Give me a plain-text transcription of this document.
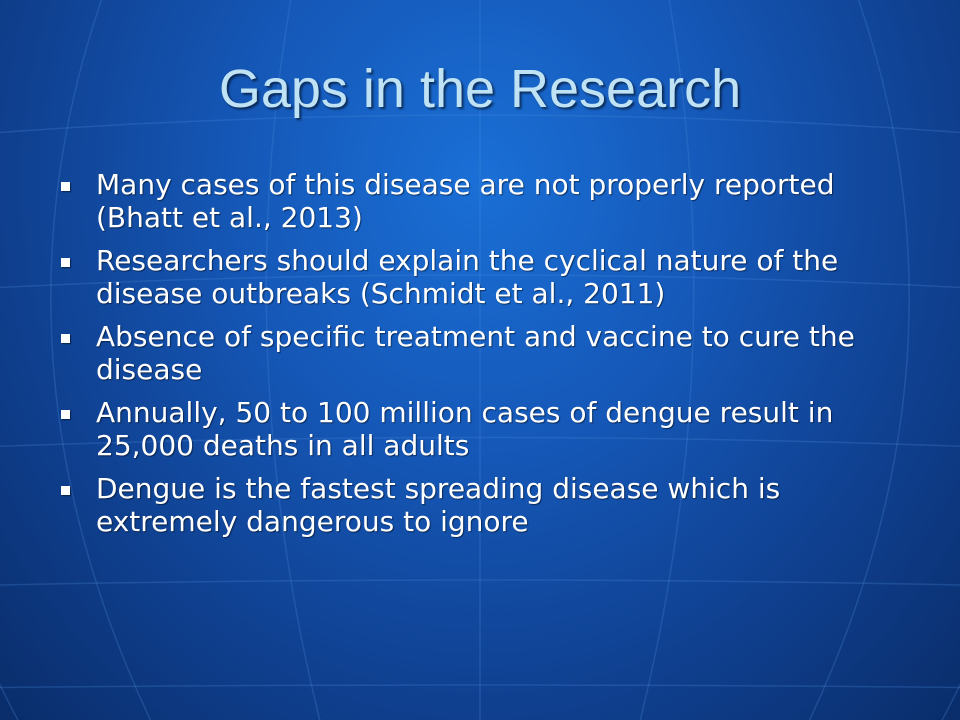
Gaps in the Research
Many cases of this disease are not properly reported (Bhatt et al., 2013)
Researchers should explain the cyclical nature of the disease outbreaks (Schmidt et al., 2011)
Absence of specific treatment and vaccine to cure the disease
Annually, 50 to 100 million cases of dengue result in 25,000 deaths in all adults
Dengue is the fastest spreading disease which is extremely dangerous to ignore
